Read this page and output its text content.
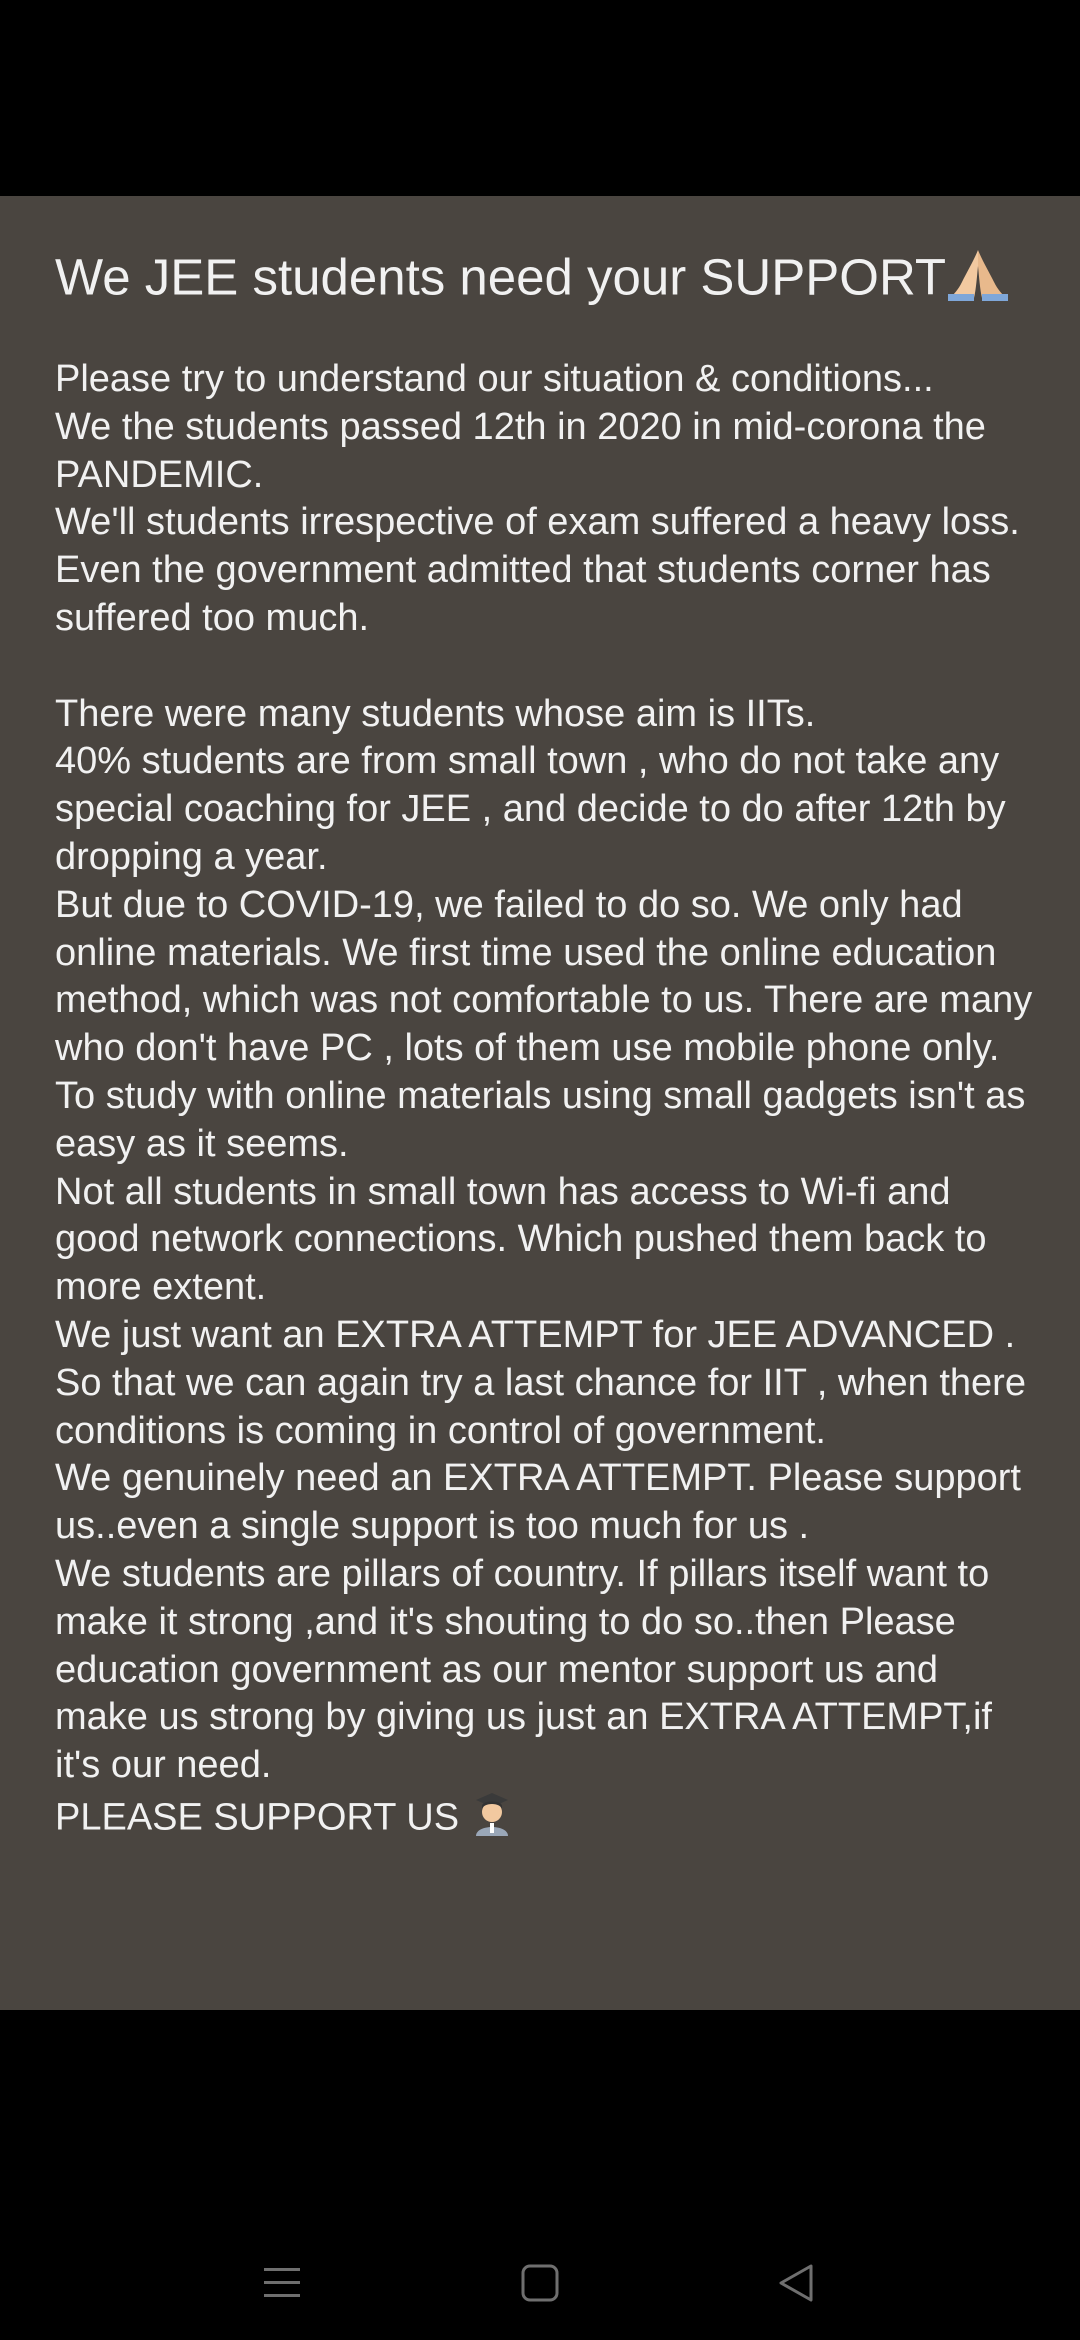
We JEE students need your SUPPORT

Please try to understand our situation & conditions...

We the students passed 12th in 2020 in mid-corona the PANDEMIC.

We'll students irrespective of exam suffered a heavy loss. Even the government admitted that students corner has suffered too much.

There were many students whose aim is IITs.

40% students are from small town , who do not take any special coaching for JEE , and decide to do after 12th by dropping a year.

But due to COVID-19, we failed to do so. We only had online materials. We first time used the online education method, which was not comfortable to us. There are many who don't have PC , lots of them use mobile phone only. To study with online materials using small gadgets isn't as easy as it seems.

Not all students in small town has access to Wi-fi and good network connections. Which pushed them back to more extent.

We just want an EXTRA ATTEMPT for JEE ADVANCED . So that we can again try a last chance for IIT , when there conditions is coming in control of government.

We genuinely need an EXTRA ATTEMPT. Please support us..even a single support is too much for us .

We students are pillars of country. If pillars itself want to make it strong ,and it's shouting to do so..then Please education government as our mentor support us and make us strong by giving us just an EXTRA ATTEMPT,if it's our need.

PLEASE SUPPORT US
